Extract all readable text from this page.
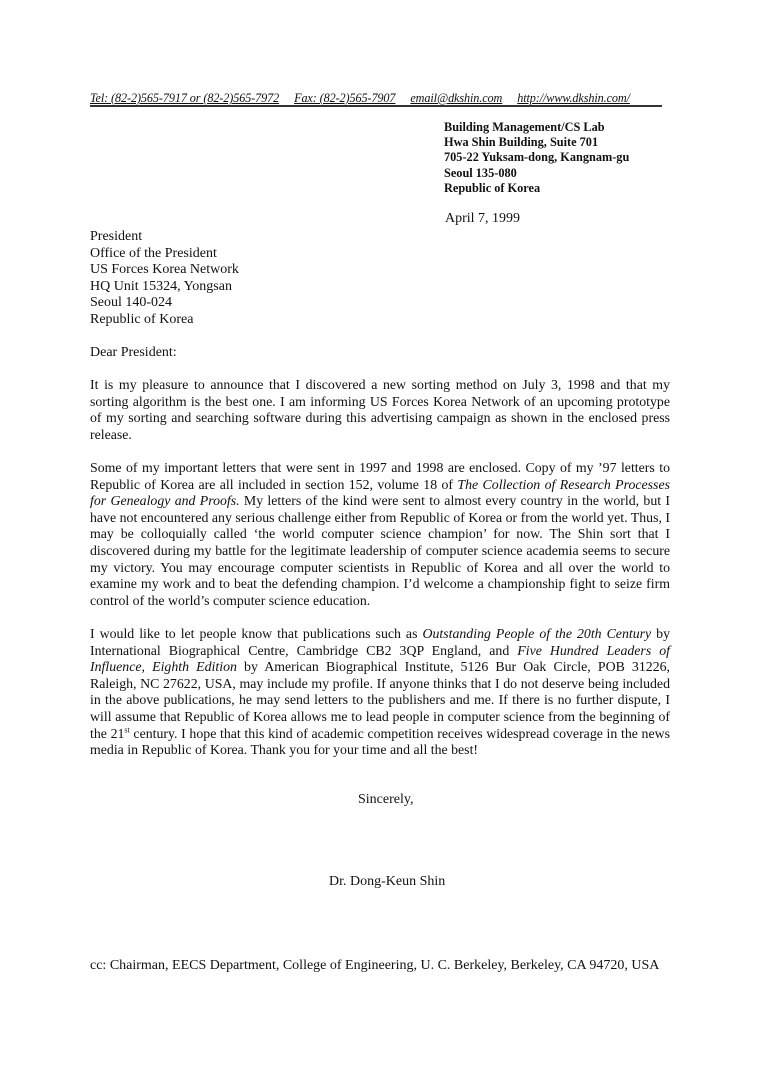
Tel: (82-2)565-7917 or (82-2)565-7972 Fax: (82-2)565-7907 email@dkshin.com http://www.dkshin.com/
Building Management/CS Lab
Hwa Shin Building, Suite 701
705-22 Yuksam-dong, Kangnam-gu
Seoul 135-080
Republic of Korea
April 7, 1999
President
Office of the President
US Forces Korea Network
HQ Unit 15324, Yongsan
Seoul 140-024
Republic of Korea
Dear President:

It is my pleasure to announce that I discovered a new sorting method on July 3, 1998 and that my sorting algorithm is the best one. I am informing US Forces Korea Network of an upcoming prototype of my sorting and searching software during this advertising campaign as shown in the enclosed press release.

Some of my important letters that were sent in 1997 and 1998 are enclosed. Copy of my ’97 letters to Republic of Korea are all included in section 152, volume 18 of The Collection of Research Processes for Genealogy and Proofs. My letters of the kind were sent to almost every country in the world, but I have not encountered any serious challenge either from Republic of Korea or from the world yet. Thus, I may be colloquially called ‘the world computer science champion’ for now. The Shin sort that I discovered during my battle for the legitimate leadership of computer science academia seems to secure my victory. You may encourage computer scientists in Republic of Korea and all over the world to examine my work and to beat the defending champion. I’d welcome a championship fight to seize firm control of the world’s computer science education.

I would like to let people know that publications such as Outstanding People of the 20th Century by International Biographical Centre, Cambridge CB2 3QP England, and Five Hundred Leaders of Influence, Eighth Edition by American Biographical Institute, 5126 Bur Oak Circle, POB 31226, Raleigh, NC 27622, USA, may include my profile. If anyone thinks that I do not deserve being included in the above publications, he may send letters to the publishers and me. If there is no further dispute, I will assume that Republic of Korea allows me to lead people in computer science from the beginning of the 21st century. I hope that this kind of academic competition receives widespread coverage in the news media in Republic of Korea. Thank you for your time and all the best!

Sincerely,
Dr. Dong-Keun Shin
cc: Chairman, EECS Department, College of Engineering, U. C. Berkeley, Berkeley, CA 94720, USA
